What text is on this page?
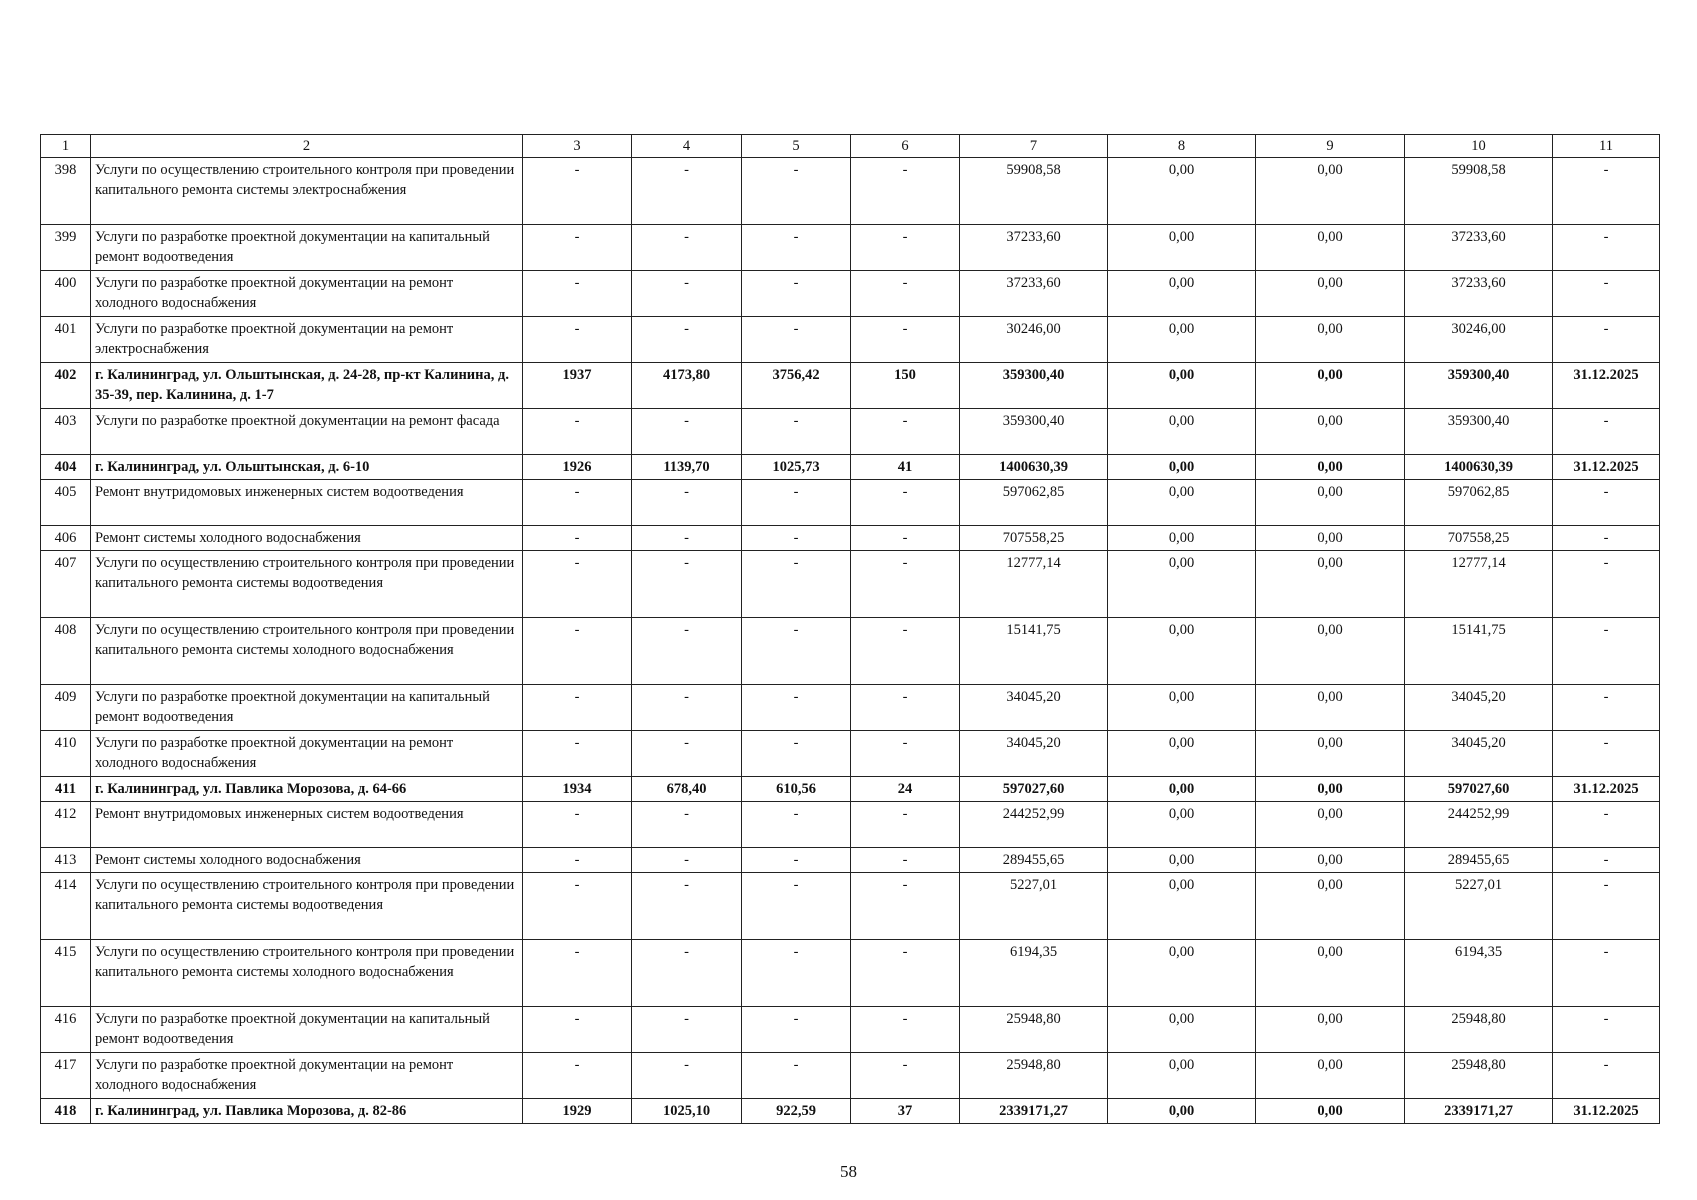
1	2	3	4	5	6	7	8	9	10	11
398	Услуги по осуществлению строительного контроля при проведении капитального ремонта системы электроснабжения	-	-	-	-	59908,58	0,00	0,00	59908,58	-
399	Услуги по разработке проектной документации на капитальный ремонт водоотведения	-	-	-	-	37233,60	0,00	0,00	37233,60	-
400	Услуги по разработке проектной документации на ремонт холодного водоснабжения	-	-	-	-	37233,60	0,00	0,00	37233,60	-
401	Услуги по разработке проектной документации на ремонт электроснабжения	-	-	-	-	30246,00	0,00	0,00	30246,00	-
402	г. Калининград, ул. Ольштынская, д. 24-28, пр-кт Калинина, д. 35-39, пер. Калинина, д. 1-7	1937	4173,80	3756,42	150	359300,40	0,00	0,00	359300,40	31.12.2025
403	Услуги по разработке проектной документации на ремонт фасада	-	-	-	-	359300,40	0,00	0,00	359300,40	-
404	г. Калининград, ул. Ольштынская, д. 6-10	1926	1139,70	1025,73	41	1400630,39	0,00	0,00	1400630,39	31.12.2025
405	Ремонт внутридомовых инженерных систем водоотведения	-	-	-	-	597062,85	0,00	0,00	597062,85	-
406	Ремонт системы холодного водоснабжения	-	-	-	-	707558,25	0,00	0,00	707558,25	-
407	Услуги по осуществлению строительного контроля при проведении капитального ремонта системы водоотведения	-	-	-	-	12777,14	0,00	0,00	12777,14	-
408	Услуги по осуществлению строительного контроля при проведении капитального ремонта системы холодного водоснабжения	-	-	-	-	15141,75	0,00	0,00	15141,75	-
409	Услуги по разработке проектной документации на капитальный ремонт водоотведения	-	-	-	-	34045,20	0,00	0,00	34045,20	-
410	Услуги по разработке проектной документации на ремонт холодного водоснабжения	-	-	-	-	34045,20	0,00	0,00	34045,20	-
411	г. Калининград, ул. Павлика Морозова, д. 64-66	1934	678,40	610,56	24	597027,60	0,00	0,00	597027,60	31.12.2025
412	Ремонт внутридомовых инженерных систем водоотведения	-	-	-	-	244252,99	0,00	0,00	244252,99	-
413	Ремонт системы холодного водоснабжения	-	-	-	-	289455,65	0,00	0,00	289455,65	-
414	Услуги по осуществлению строительного контроля при проведении капитального ремонта системы водоотведения	-	-	-	-	5227,01	0,00	0,00	5227,01	-
415	Услуги по осуществлению строительного контроля при проведении капитального ремонта системы холодного водоснабжения	-	-	-	-	6194,35	0,00	0,00	6194,35	-
416	Услуги по разработке проектной документации на капитальный ремонт водоотведения	-	-	-	-	25948,80	0,00	0,00	25948,80	-
417	Услуги по разработке проектной документации на ремонт холодного водоснабжения	-	-	-	-	25948,80	0,00	0,00	25948,80	-
418	г. Калининград, ул. Павлика Морозова, д. 82-86	1929	1025,10	922,59	37	2339171,27	0,00	0,00	2339171,27	31.12.2025
58
